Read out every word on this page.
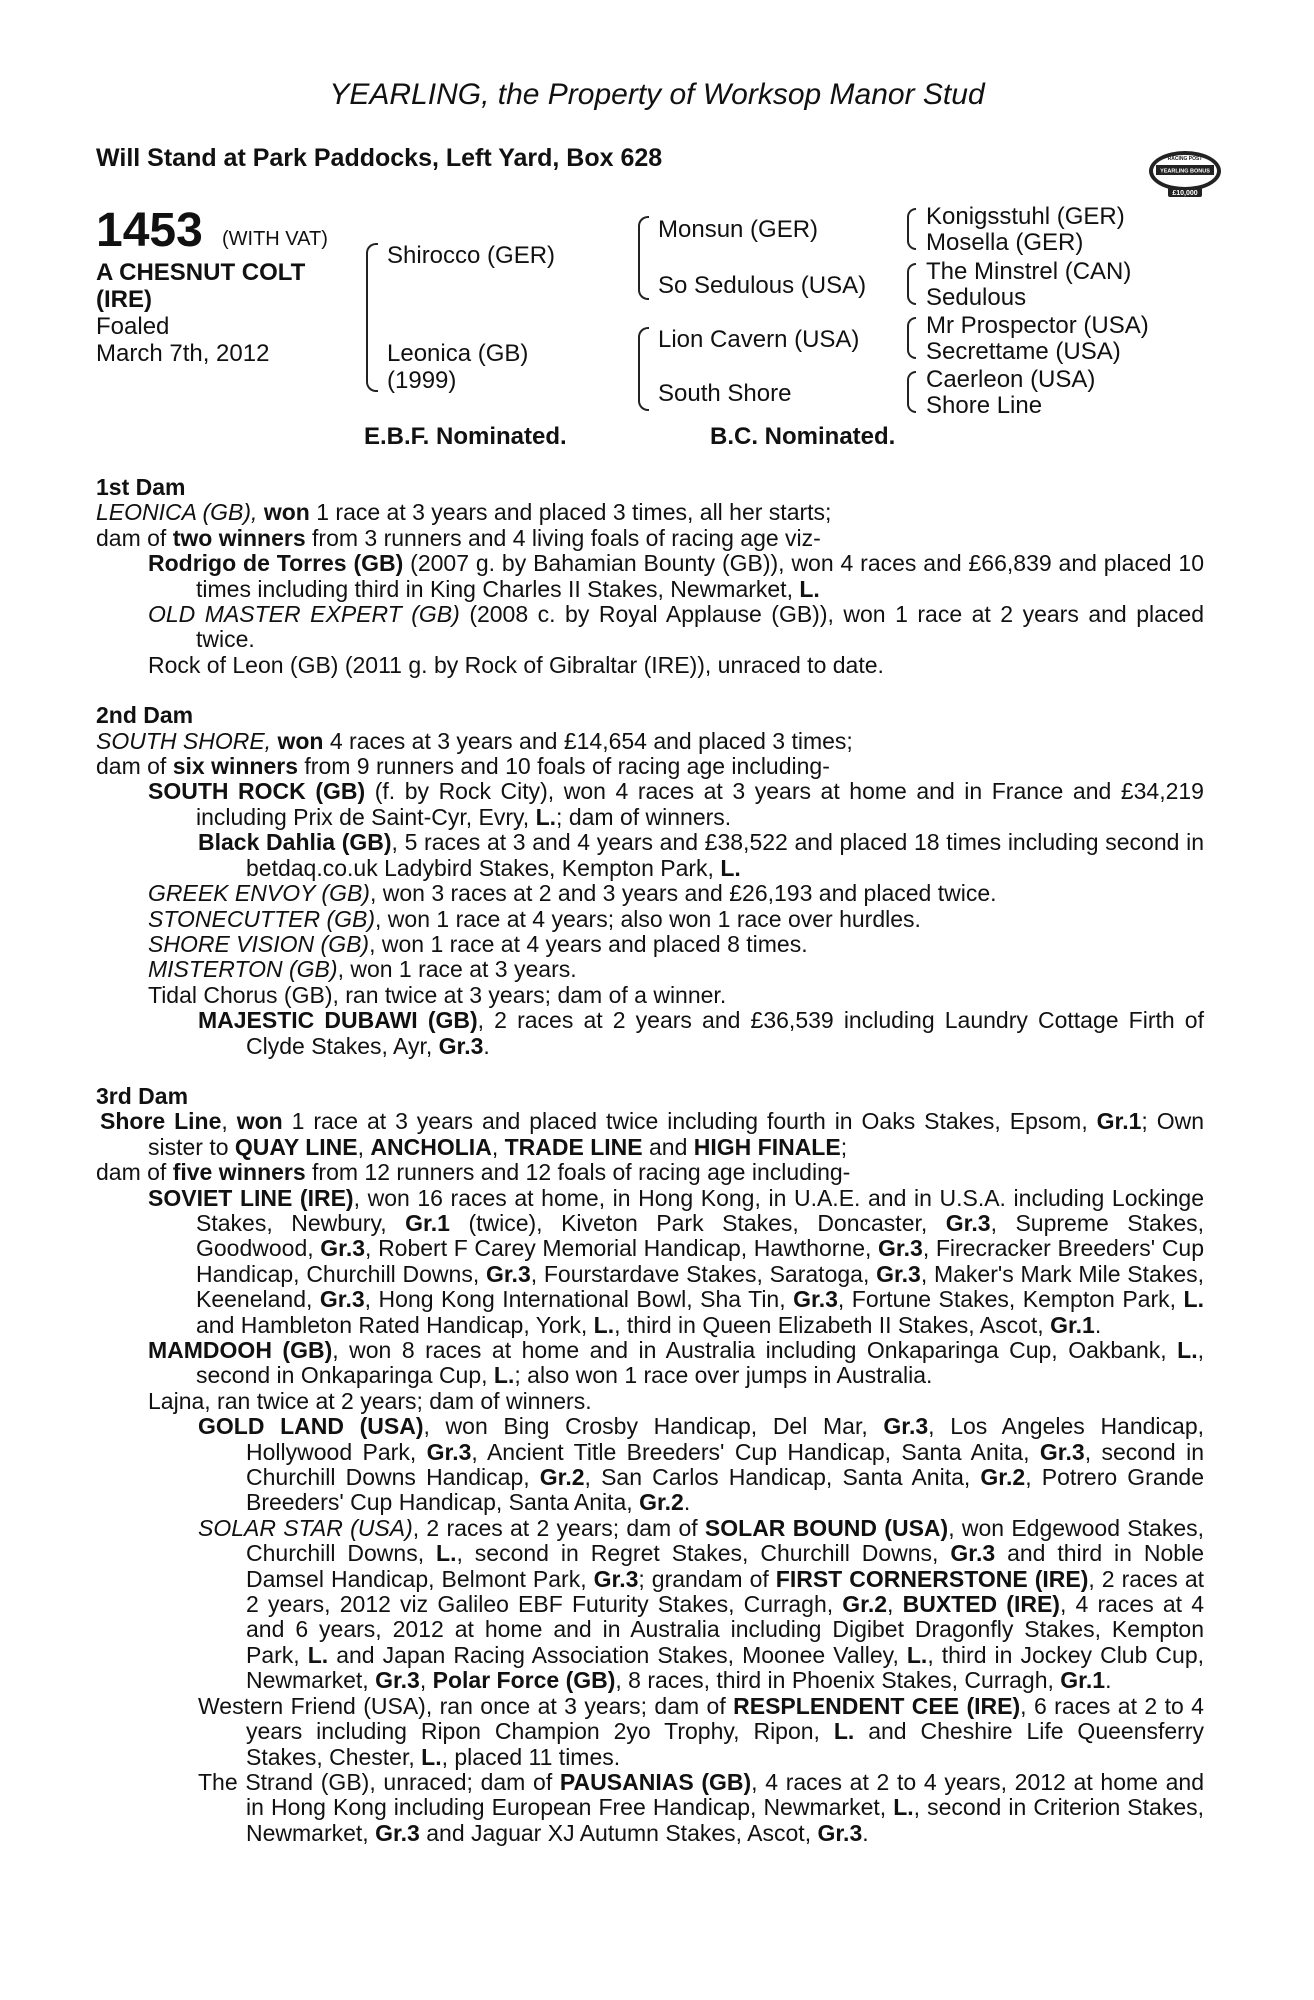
YEARLING, the Property of Worksop Manor Stud
Will Stand at Park Paddocks, Left Yard, Box 628	RACING POST
YEARLING BONUS
£10,000
1453 (WITH VAT)
A CHESNUT COLT
(IRE)
Foaled
March 7th, 2012
Shirocco (GER)
Leonica (GB)
(1999)
Monsun (GER)
So Sedulous (USA)
Lion Cavern (USA)
South Shore
Konigsstuhl (GER)
Mosella (GER)
The Minstrel (CAN)
Sedulous
Mr Prospector (USA)
Secrettame (USA)
Caerleon (USA)
Shore Line
E.B.F. Nominated.	B.C. Nominated.

1st Dam

LEONICA (GB), won 1 race at 3 years and placed 3 times, all her starts;

dam of two winners from 3 runners and 4 living foals of racing age viz-

Rodrigo de Torres (GB) (2007 g. by Bahamian Bounty (GB)), won 4 races and £66,839 and placed 10 times including third in King Charles II Stakes, Newmarket, L.

OLD MASTER EXPERT (GB) (2008 c. by Royal Applause (GB)), won 1 race at 2 years and placed twice.

Rock of Leon (GB) (2011 g. by Rock of Gibraltar (IRE)), unraced to date.

2nd Dam

SOUTH SHORE, won 4 races at 3 years and £14,654 and placed 3 times;

dam of six winners from 9 runners and 10 foals of racing age including-

SOUTH ROCK (GB) (f. by Rock City), won 4 races at 3 years at home and in France and £34,219 including Prix de Saint-Cyr, Evry, L.; dam of winners.

Black Dahlia (GB), 5 races at 3 and 4 years and £38,522 and placed 18 times including second in betdaq.co.uk Ladybird Stakes, Kempton Park, L.

GREEK ENVOY (GB), won 3 races at 2 and 3 years and £26,193 and placed twice.

STONECUTTER (GB), won 1 race at 4 years; also won 1 race over hurdles.

SHORE VISION (GB), won 1 race at 4 years and placed 8 times.

MISTERTON (GB), won 1 race at 3 years.

Tidal Chorus (GB), ran twice at 3 years; dam of a winner.

MAJESTIC DUBAWI (GB), 2 races at 2 years and £36,539 including Laundry Cottage Firth of Clyde Stakes, Ayr, Gr.3.

3rd Dam

Shore Line, won 1 race at 3 years and placed twice including fourth in Oaks Stakes, Epsom, Gr.1; Own sister to QUAY LINE, ANCHOLIA, TRADE LINE and HIGH FINALE;

dam of five winners from 12 runners and 12 foals of racing age including-

SOVIET LINE (IRE), won 16 races at home, in Hong Kong, in U.A.E. and in U.S.A. including Lockinge Stakes, Newbury, Gr.1 (twice), Kiveton Park Stakes, Doncaster, Gr.3, Supreme Stakes, Goodwood, Gr.3, Robert F Carey Memorial Handicap, Hawthorne, Gr.3, Firecracker Breeders' Cup Handicap, Churchill Downs, Gr.3, Fourstardave Stakes, Saratoga, Gr.3, Maker's Mark Mile Stakes, Keeneland, Gr.3, Hong Kong International Bowl, Sha Tin, Gr.3, Fortune Stakes, Kempton Park, L. and Hambleton Rated Handicap, York, L., third in Queen Elizabeth II Stakes, Ascot, Gr.1.

MAMDOOH (GB), won 8 races at home and in Australia including Onkaparinga Cup, Oakbank, L., second in Onkaparinga Cup, L.; also won 1 race over jumps in Australia.

Lajna, ran twice at 2 years; dam of winners.

GOLD LAND (USA), won Bing Crosby Handicap, Del Mar, Gr.3, Los Angeles Handicap, Hollywood Park, Gr.3, Ancient Title Breeders' Cup Handicap, Santa Anita, Gr.3, second in Churchill Downs Handicap, Gr.2, San Carlos Handicap, Santa Anita, Gr.2, Potrero Grande Breeders' Cup Handicap, Santa Anita, Gr.2.

SOLAR STAR (USA), 2 races at 2 years; dam of SOLAR BOUND (USA), won Edgewood Stakes, Churchill Downs, L., second in Regret Stakes, Churchill Downs, Gr.3 and third in Noble Damsel Handicap, Belmont Park, Gr.3; grandam of FIRST CORNERSTONE (IRE), 2 races at 2 years, 2012 viz Galileo EBF Futurity Stakes, Curragh, Gr.2, BUXTED (IRE), 4 races at 4 and 6 years, 2012 at home and in Australia including Digibet Dragonfly Stakes, Kempton Park, L. and Japan Racing Association Stakes, Moonee Valley, L., third in Jockey Club Cup, Newmarket, Gr.3, Polar Force (GB), 8 races, third in Phoenix Stakes, Curragh, Gr.1.

Western Friend (USA), ran once at 3 years; dam of RESPLENDENT CEE (IRE), 6 races at 2 to 4 years including Ripon Champion 2yo Trophy, Ripon, L. and Cheshire Life Queensferry Stakes, Chester, L., placed 11 times.

The Strand (GB), unraced; dam of PAUSANIAS (GB), 4 races at 2 to 4 years, 2012 at home and in Hong Kong including European Free Handicap, Newmarket, L., second in Criterion Stakes, Newmarket, Gr.3 and Jaguar XJ Autumn Stakes, Ascot, Gr.3.
